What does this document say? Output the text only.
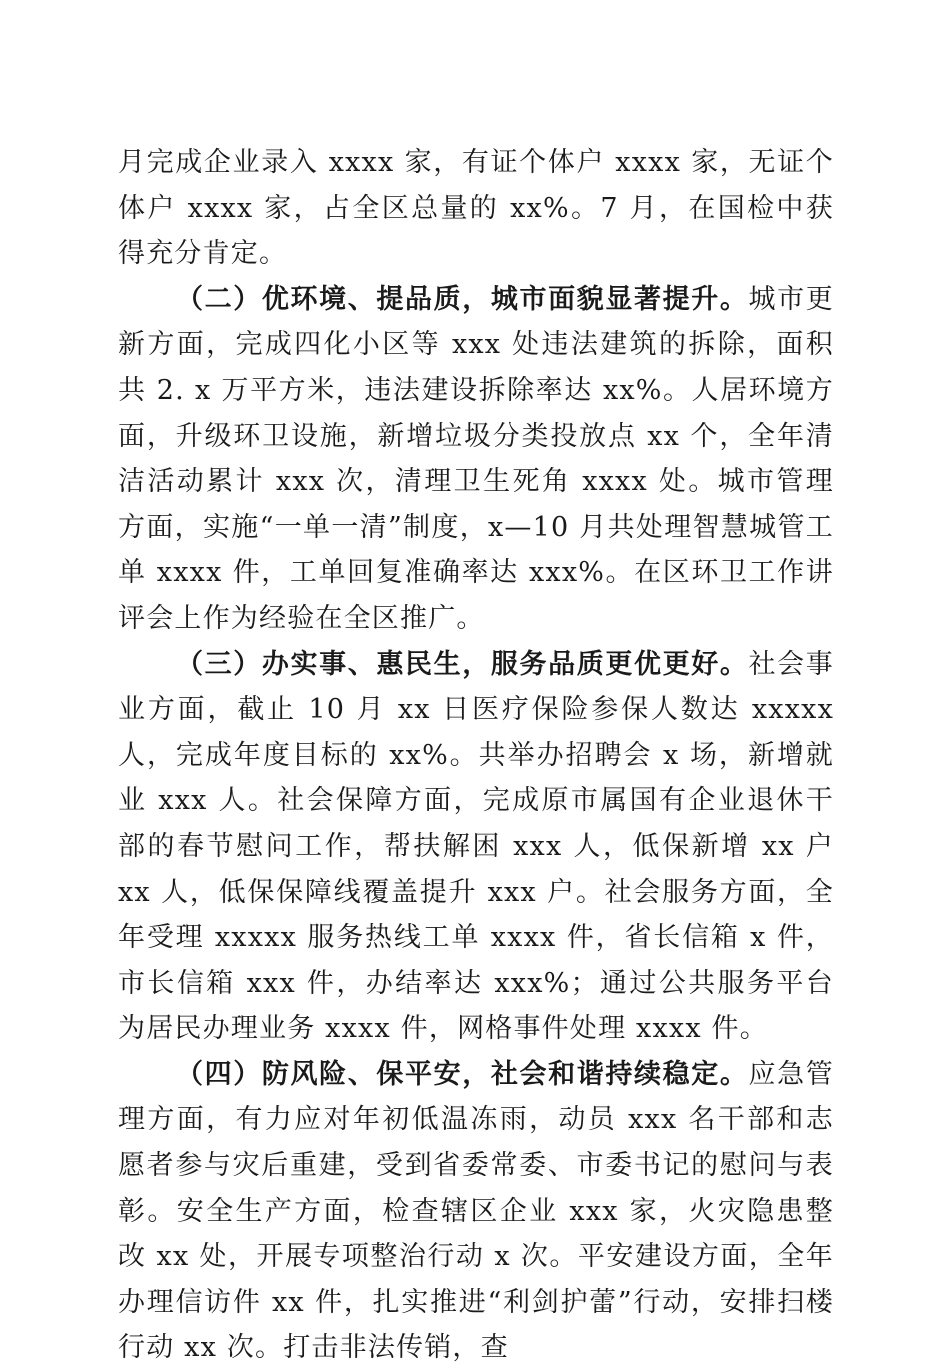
月完成企业录入 xxxx 家，有证个体户 xxxx 家，无证个体户 xxxx 家，占全区总量的 xx%。7 月，在国检中获得充分肯定。

（二）优环境、提品质，城市面貌显著提升。城市更新方面，完成四化小区等 xxx 处违法建筑的拆除，面积共 2. x 万平方米，违法建设拆除率达 xx%。人居环境方面，升级环卫设施，新增垃圾分类投放点 xx 个，全年清洁活动累计 xxx 次，清理卫生死角 xxxx 处。城市管理方面，实施“一单一清”制度，x—10 月共处理智慧城管工单 xxxx 件，工单回复准确率达 xxx%。在区环卫工作讲评会上作为经验在全区推广。

（三）办实事、惠民生，服务品质更优更好。社会事业方面，截止 10 月 xx 日医疗保险参保人数达 xxxxx 人，完成年度目标的 xx%。共举办招聘会 x 场，新增就业 xxx 人。社会保障方面，完成原市属国有企业退休干部的春节慰问工作，帮扶解困 xxx 人，低保新增 xx 户 xx 人，低保保障线覆盖提升 xxx 户。社会服务方面，全年受理 xxxxx 服务热线工单 xxxx 件，省长信箱 x 件，市长信箱 xxx 件，办结率达 xxx%；通过公共服务平台为居民办理业务 xxxx 件，网格事件处理 xxxx 件。

（四）防风险、保平安，社会和谐持续稳定。应急管理方面，有力应对年初低温冻雨，动员 xxx 名干部和志愿者参与灾后重建，受到省委常委、市委书记的慰问与表彰。安全生产方面，检查辖区企业 xxx 家，火灾隐患整改 xx 处，开展专项整治行动 x 次。平安建设方面，全年办理信访件 xx 件，扎实推进“利剑护蕾”行动，安排扫楼行动 xx 次。打击非法传销，查
